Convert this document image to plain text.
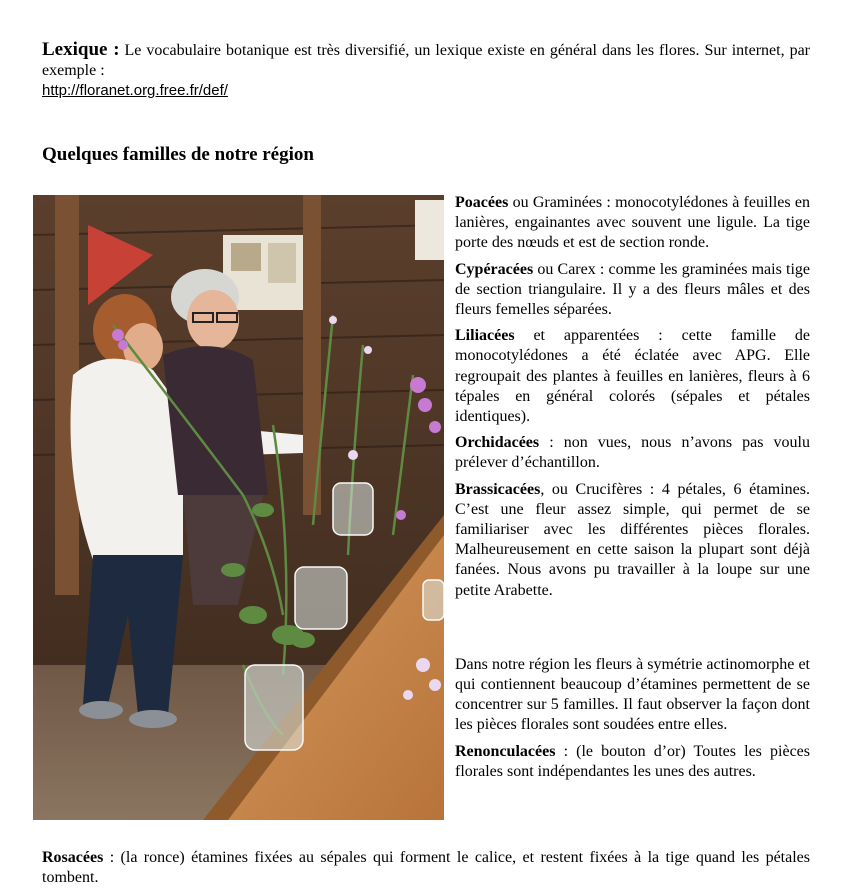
Lexique : Le vocabulaire botanique est très diversifié, un lexique existe en général dans les flores. Sur internet, par exemple :
http://floranet.org.free.fr/def/
Quelques familles de notre région

Poacées ou Graminées : monocotylédones à feuilles en lanières, engainantes avec souvent une ligule. La tige porte des nœuds et est de section ronde.

Cypéracées ou Carex : comme les graminées mais tige de section triangulaire. Il y a des fleurs mâles et des fleurs femelles séparées.

Liliacées et apparentées : cette famille de monocotylédones a été éclatée avec APG. Elle regroupait des plantes à feuilles en lanières, fleurs à 6 tépales en général colorés (sépales et pétales identiques).

Orchidacées : non vues, nous n’avons pas voulu prélever d’échantillon.

Brassicacées, ou Crucifères : 4 pétales, 6 étamines. C’est une fleur assez simple, qui permet de se familiariser avec les différentes pièces florales. Malheureusement en cette saison la plupart sont déjà fanées. Nous avons pu travailler à la loupe sur une petite Arabette.

Dans notre région les fleurs à symétrie actinomorphe et qui contiennent beaucoup d’étamines permettent de se concentrer sur 5 familles. Il faut observer la façon dont les pièces florales sont soudées entre elles.

Renonculacées : (le bouton d’or) Toutes les pièces florales sont indépendantes les unes des autres.

Rosacées : (la ronce) étamines fixées au sépales qui forment le calice, et restent fixées à la tige quand les pétales tombent.
